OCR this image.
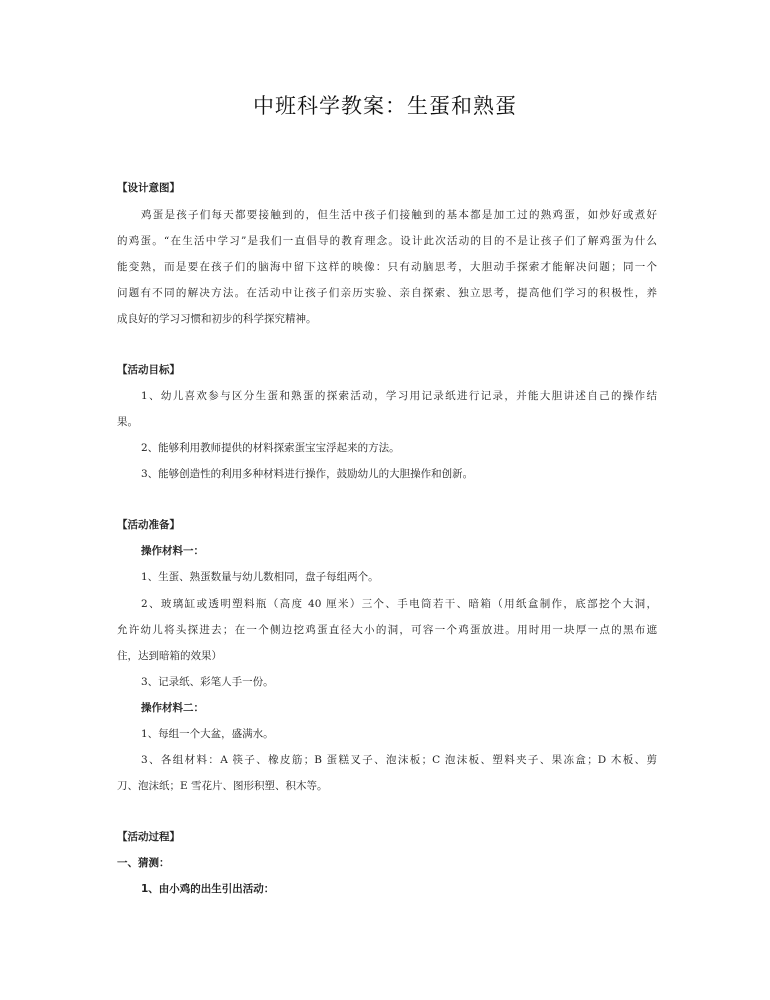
中班科学教案：生蛋和熟蛋
【设计意图】
鸡蛋是孩子们每天都要接触到的，但生活中孩子们接触到的基本都是加工过的熟鸡蛋，如炒好或煮好
的鸡蛋。“在生活中学习”是我们一直倡导的教育理念。设计此次活动的目的不是让孩子们了解鸡蛋为什么
能变熟，而是要在孩子们的脑海中留下这样的映像：只有动脑思考，大胆动手探索才能解决问题；同一个
问题有不同的解决方法。在活动中让孩子们亲历实验、亲自探索、独立思考，提高他们学习的积极性，养
成良好的学习习惯和初步的科学探究精神。
【活动目标】
1、幼儿喜欢参与区分生蛋和熟蛋的探索活动，学习用记录纸进行记录，并能大胆讲述自己的操作结
果。
2、能够利用教师提供的材料探索蛋宝宝浮起来的方法。
3、能够创造性的利用多种材料进行操作，鼓励幼儿的大胆操作和创新。
【活动准备】
操作材料一：
1、生蛋、熟蛋数量与幼儿数相同，盘子每组两个。
2、玻璃缸或透明塑料瓶（高度 40 厘米）三个、手电筒若干、暗箱（用纸盒制作，底部挖个大洞，
允许幼儿将头探进去；在一个侧边挖鸡蛋直径大小的洞，可容一个鸡蛋放进。用时用一块厚一点的黑布遮
住，达到暗箱的效果）
3、记录纸、彩笔人手一份。
操作材料二：
1、每组一个大盆，盛满水。
3、各组材料：A 筷子、橡皮筋；B 蛋糕叉子、泡沫板；C 泡沫板、塑料夹子、果冻盒；D 木板、剪
刀、泡沫纸；E 雪花片、图形积塑、积木等。
【活动过程】
一、猜测：
1、由小鸡的出生引出活动：
